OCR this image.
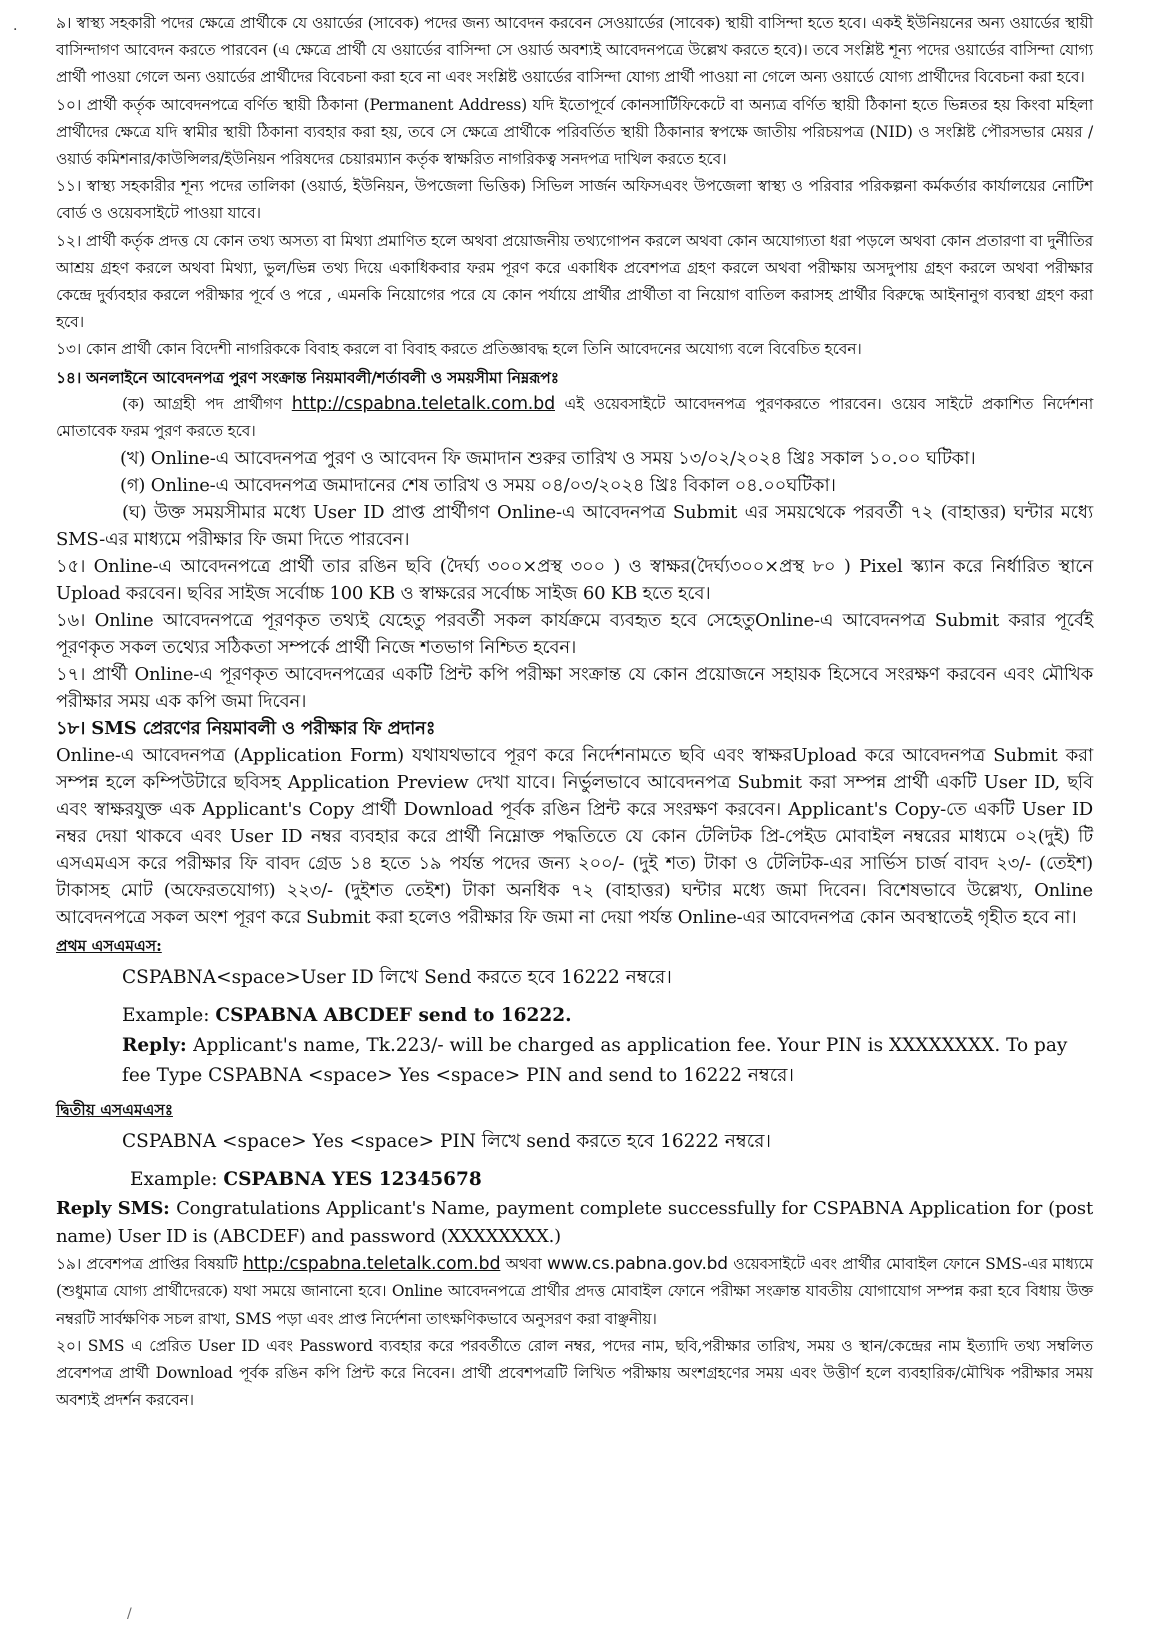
· ৯। স্বাস্থ্য সহকারী পদের ক্ষেত্রে প্রার্থীকে যে ওয়ার্ডের (সাবেক) পদের জন্য আবেদন করবেন সেওয়ার্ডের (সাবেক) স্থায়ী বাসিন্দা হতে হবে। একই ইউনিয়নের অন্য ওয়ার্ডের স্থায়ী বাসিন্দাগণ আবেদন করতে পারবেন (এ ক্ষেত্রে প্রার্থী যে ওয়ার্ডের বাসিন্দা সে ওয়ার্ড অবশ্যই আবেদনপত্রে উল্লেখ করতে হবে)। তবে সংশ্লিষ্ট শূন্য পদের ওয়ার্ডের বাসিন্দা যোগ্য প্রার্থী পাওয়া গেলে অন্য ওয়ার্ডের প্রার্থীদের বিবেচনা করা হবে না এবং সংশ্লিষ্ট ওয়ার্ডের বাসিন্দা যোগ্য প্রার্থী পাওয়া না গেলে অন্য ওয়ার্ডে যোগ্য প্রার্থীদের বিবেচনা করা হবে।

১০। প্রার্থী কর্তৃক আবেদনপত্রে বর্ণিত স্থায়ী ঠিকানা (Permanent Address) যদি ইতোপূর্বে কোনসার্টিফিকেটে বা অন্যত্র বর্ণিত স্থায়ী ঠিকানা হতে ভিন্নতর হয় কিংবা মহিলা প্রার্থীদের ক্ষেত্রে যদি স্বামীর স্থায়ী ঠিকানা ব্যবহার করা হয়, তবে সে ক্ষেত্রে প্রার্থীকে পরিবর্তিত স্থায়ী ঠিকানার স্বপক্ষে জাতীয় পরিচয়পত্র (NID) ও সংশ্লিষ্ট পৌরসভার মেয়র /ওয়ার্ড কমিশনার/কাউন্সিলর/ইউনিয়ন পরিষদের চেয়ারম্যান কর্তৃক স্বাক্ষরিত নাগরিকত্ব সনদপত্র দাখিল করতে হবে।

১১। স্বাস্থ্য সহকারীর শূন্য পদের তালিকা (ওয়ার্ড, ইউনিয়ন, উপজেলা ভিত্তিক) সিভিল সার্জন অফিসএবং উপজেলা স্বাস্থ্য ও পরিবার পরিকল্পনা কর্মকর্তার কার্যালয়ের নোটিশ বোর্ড ও ওয়েবসাইটে পাওয়া যাবে।

১২। প্রার্থী কর্তৃক প্রদত্ত যে কোন তথ্য অসত্য বা মিথ্যা প্রমাণিত হলে অথবা প্রয়োজনীয় তথ্যগোপন করলে অথবা কোন অযোগ্যতা ধরা পড়লে অথবা কোন প্রতারণা বা দুর্নীতির আশ্রয় গ্রহণ করলে অথবা মিথ্যা, ভুল/ভিন্ন তথ্য দিয়ে একাধিকবার ফরম পূরণ করে একাধিক প্রবেশপত্র গ্রহণ করলে অথবা পরীক্ষায় অসদুপায় গ্রহণ করলে অথবা পরীক্ষার কেন্দ্রে দুর্ব্যবহার করলে পরীক্ষার পূর্বে ও পরে , এমনকি নিয়োগের পরে যে কোন পর্যায়ে প্রার্থীর প্রার্থীতা বা নিয়োগ বাতিল করাসহ প্রার্থীর বিরুদ্ধে আইনানুগ ব্যবস্থা গ্রহণ করা হবে।

১৩। কোন প্রার্থী কোন বিদেশী নাগরিককে বিবাহ করলে বা বিবাহ করতে প্রতিজ্ঞাবদ্ধ হলে তিনি আবেদনের অযোগ্য বলে বিবেচিত হবেন।

১৪। অনলাইনে আবেদনপত্র পুরণ সংক্রান্ত নিয়মাবলী/শর্তাবলী ও সময়সীমা নিম্নরূপঃ

(ক) আগ্রহী পদ প্রার্থীগণ http://cspabna.teletalk.com.bd এই ওয়েবসাইটে আবেদনপত্র পুরণকরতে পারবেন। ওয়েব সাইটে প্রকাশিত নির্দেশনা মোতাবেক ফরম পুরণ করতে হবে।

(খ) Online-এ আবেদনপত্র পুরণ ও আবেদন ফি জমাদান শুরুর তারিখ ও সময় ১৩/০২/২০২৪ খ্রিঃ সকাল ১০.০০ ঘটিকা।

(গ) Online-এ আবেদনপত্র জমাদানের শেষ তারিখ ও সময় ০৪/০৩/২০২৪ খ্রিঃ বিকাল ০৪.০০ঘটিকা।

(ঘ) উক্ত সময়সীমার মধ্যে User ID প্রাপ্ত প্রার্থীগণ Online-এ আবেদনপত্র Submit এর সময়থেকে পরবর্তী ৭২ (বাহাত্তর) ঘন্টার মধ্যে SMS-এর মাধ্যমে পরীক্ষার ফি জমা দিতে পারবেন।

১৫। Online-এ আবেদনপত্রে প্রার্থী তার রঙিন ছবি (দৈর্ঘ্য ৩০০×প্রস্থ ৩০০ ) ও স্বাক্ষর(দৈর্ঘ্য৩০০×প্রস্থ ৮০ ) Pixel স্ক্যান করে নির্ধারিত স্থানে Upload করবেন। ছবির সাইজ সর্বোচ্চ 100 KB ও স্বাক্ষরের সর্বোচ্চ সাইজ 60 KB হতে হবে।

১৬। Online আবেদনপত্রে পূরণকৃত তথ্যই যেহেতু পরবর্তী সকল কার্যক্রমে ব্যবহৃত হবে সেহেতুOnline-এ আবেদনপত্র Submit করার পূর্বেই পূরণকৃত সকল তথ্যের সঠিকতা সম্পর্কে প্রার্থী নিজে শতভাগ নিশ্চিত হবেন।

১৭। প্রার্থী Online-এ পূরণকৃত আবেদনপত্রের একটি প্রিন্ট কপি পরীক্ষা সংক্রান্ত যে কোন প্রয়োজনে সহায়ক হিসেবে সংরক্ষণ করবেন এবং মৌখিক পরীক্ষার সময় এক কপি জমা দিবেন।

১৮। SMS প্রেরণের নিয়মাবলী ও পরীক্ষার ফি প্রদানঃ

Online-এ আবেদনপত্র (Application Form) যথাযথভাবে পূরণ করে নির্দেশনামতে ছবি এবং স্বাক্ষরUpload করে আবেদনপত্র Submit করা সম্পন্ন হলে কম্পিউটারে ছবিসহ Application Preview দেখা যাবে। নির্ভুলভাবে আবেদনপত্র Submit করা সম্পন্ন প্রার্থী একটি User ID, ছবি এবং স্বাক্ষরযুক্ত এক Applicant's Copy প্রার্থী Download পূর্বক রঙিন প্রিন্ট করে সংরক্ষণ করবেন। Applicant's Copy-তে একটি User ID নম্বর দেয়া থাকবে এবং User ID নম্বর ব্যবহার করে প্রার্থী নিম্নোক্ত পদ্ধতিতে যে কোন টেলিটক প্রি-পেইড মোবাইল নম্বরের মাধ্যমে ০২(দুই) টি এসএমএস করে পরীক্ষার ফি বাবদ গ্রেড ১৪ হতে ১৯ পর্যন্ত পদের জন্য ২০০/- (দুই শত) টাকা ও টেলিটক-এর সার্ভিস চার্জ বাবদ ২৩/- (তেইশ) টাকাসহ মোট (অফেরতযোগ্য) ২২৩/- (দুইশত তেইশ) টাকা অনধিক ৭২ (বাহাত্তর) ঘন্টার মধ্যে জমা দিবেন। বিশেষভাবে উল্লেখ্য, Online আবেদনপত্রে সকল অংশ পূরণ করে Submit করা হলেও পরীক্ষার ফি জমা না দেয়া পর্যন্ত Online-এর আবেদনপত্র কোন অবস্থাতেই গৃহীত হবে না।

প্রথম এসএমএস:

CSPABNA<space>User ID লিখে Send করতে হবে 16222 নম্বরে।

Example: CSPABNA ABCDEF send to 16222.

Reply: Applicant's name, Tk.223/- will be charged as application fee. Your PIN is XXXXXXXX. To pay fee Type CSPABNA <space> Yes <space> PIN and send to 16222 নম্বরে।

দ্বিতীয় এসএমএসঃ

CSPABNA <space> Yes <space> PIN লিখে send করতে হবে 16222 নম্বরে।

Example: CSPABNA YES 12345678

Reply SMS: Congratulations Applicant's Name, payment complete successfully for CSPABNA Application for (post name) User ID is (ABCDEF) and password (XXXXXXXX.)

১৯। প্রবেশপত্র প্রাপ্তির বিষয়টি http:/cspabna.teletalk.com.bd অথবা www.cs.pabna.gov.bd ওয়েবসাইটে এবং প্রার্থীর মোবাইল ফোনে SMS-এর মাধ্যমে (শুধুমাত্র যোগ্য প্রার্থীদেরকে) যথা সময়ে জানানো হবে। Online আবেদনপত্রে প্রার্থীর প্রদত্ত মোবাইল ফোনে পরীক্ষা সংক্রান্ত যাবতীয় যোগাযোগ সম্পন্ন করা হবে বিধায় উক্ত নম্বরটি সার্বক্ষণিক সচল রাখা, SMS পড়া এবং প্রাপ্ত নির্দেশনা তাৎক্ষণিকভাবে অনুসরণ করা বাঞ্ছনীয়।

২০। SMS এ প্রেরিত User ID এবং Password ব্যবহার করে পরবর্তীতে রোল নম্বর, পদের নাম, ছবি,পরীক্ষার তারিখ, সময় ও স্থান/কেন্দ্রের নাম ইত্যাদি তথ্য সম্বলিত প্রবেশপত্র প্রার্থী Download পূর্বক রঙিন কপি প্রিন্ট করে নিবেন। প্রার্থী প্রবেশপত্রটি লিখিত পরীক্ষায় অংশগ্রহণের সময় এবং উত্তীর্ণ হলে ব্যবহারিক/মৌখিক পরীক্ষার সময় অবশ্যই প্রদর্শন করবেন।

/
